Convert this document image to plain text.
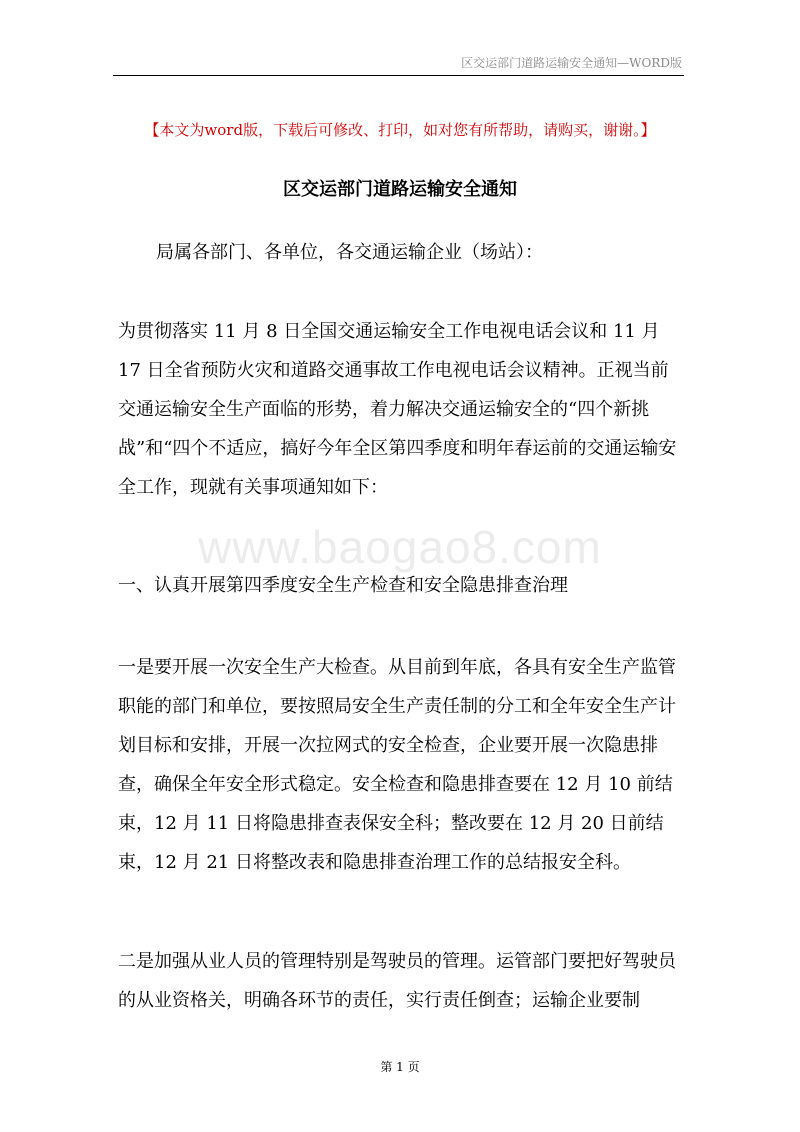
区交运部门道路运输安全通知—WORD版
【本文为word版，下载后可修改、打印，如对您有所帮助，请购买，谢谢。】
区交运部门道路运输安全通知

局属各部门、各单位，各交通运输企业（场站）：

为贯彻落实 11 月 8 日全国交通运输安全工作电视电话会议和 11 月 17 日全省预防火灾和道路交通事故工作电视电话会议精神。正视当前交通运输安全生产面临的形势，着力解决交通运输安全的“四个新挑战”和“四个不适应，搞好今年全区第四季度和明年春运前的交通运输安全工作，现就有关事项通知如下：

www.baogao8.com

一、认真开展第四季度安全生产检查和安全隐患排查治理

一是要开展一次安全生产大检查。从目前到年底，各具有安全生产监管职能的部门和单位，要按照局安全生产责任制的分工和全年安全生产计划目标和安排，开展一次拉网式的安全检查，企业要开展一次隐患排查，确保全年安全形式稳定。安全检查和隐患排查要在 12 月 10 前结束，12 月 11 日将隐患排查表保安全科；整改要在 12 月 20 日前结束，12 月 21 日将整改表和隐患排查治理工作的总结报安全科。

二是加强从业人员的管理特别是驾驶员的管理。运管部门要把好驾驶员的从业资格关，明确各环节的责任，实行责任倒查；运输企业要制

第 1 页
